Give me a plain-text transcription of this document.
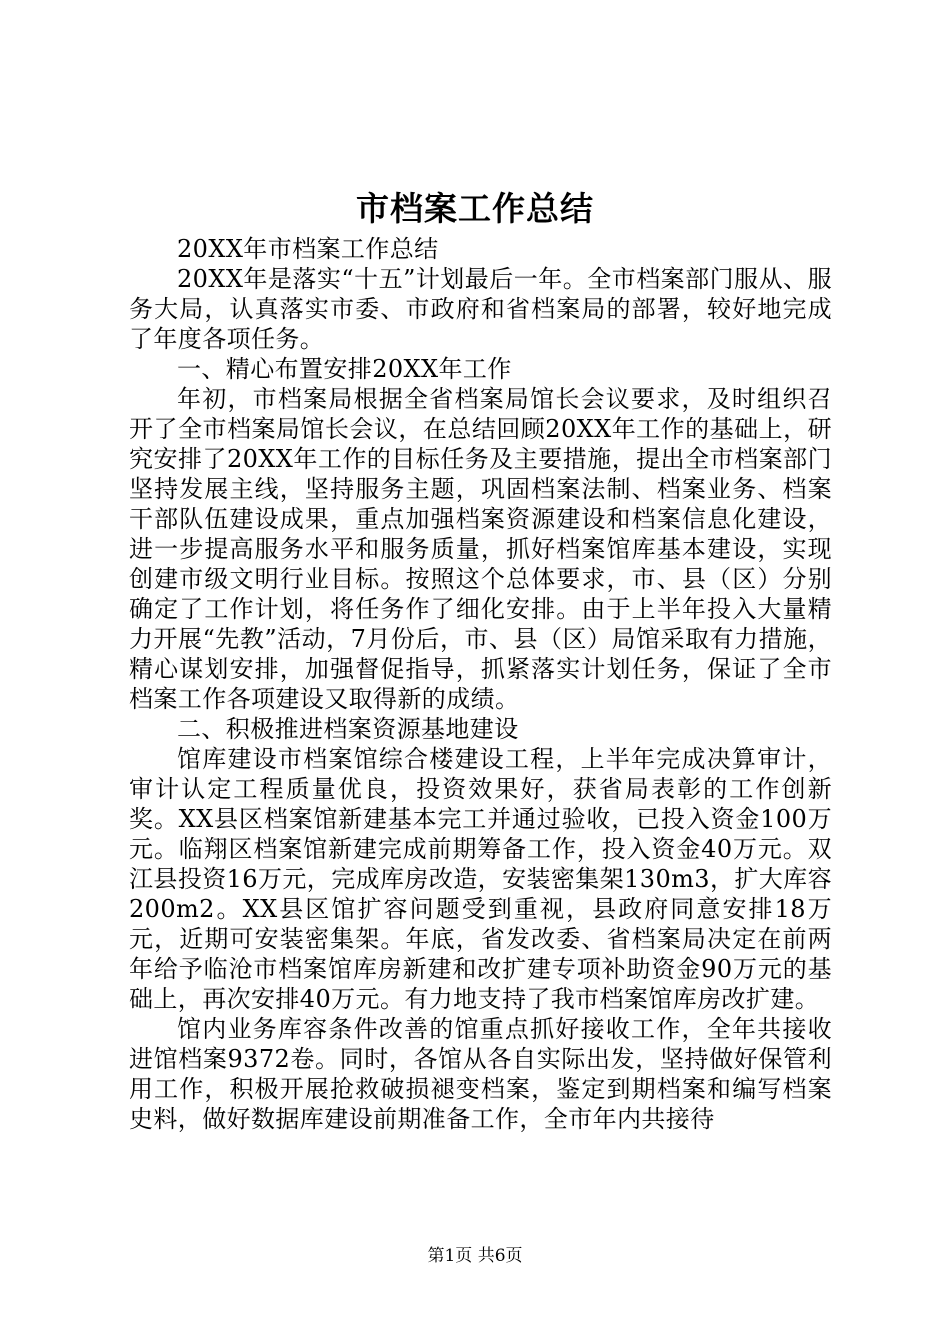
市档案工作总结

20XX年市档案工作总结

20XX年是落实“十五”计划最后一年。全市档案部门服从、服务大局，认真落实市委、市政府和省档案局的部署，较好地完成了年度各项任务。

一、精心布置安排20XX年工作

年初，市档案局根据全省档案局馆长会议要求，及时组织召开了全市档案局馆长会议，在总结回顾20XX年工作的基础上，研究安排了20XX年工作的目标任务及主要措施，提出全市档案部门坚持发展主线，坚持服务主题，巩固档案法制、档案业务、档案干部队伍建设成果，重点加强档案资源建设和档案信息化建设，进一步提高服务水平和服务质量，抓好档案馆库基本建设，实现创建市级文明行业目标。按照这个总体要求，市、县（区）分别确定了工作计划，将任务作了细化安排。由于上半年投入大量精力开展“先教”活动，7月份后，市、县（区）局馆采取有力措施，精心谋划安排，加强督促指导，抓紧落实计划任务，保证了全市档案工作各项建设又取得新的成绩。

二、积极推进档案资源基地建设

馆库建设市档案馆综合楼建设工程，上半年完成决算审计，审计认定工程质量优良，投资效果好，获省局表彰的工作创新奖。XX县区档案馆新建基本完工并通过验收，已投入资金100万元。临翔区档案馆新建完成前期筹备工作，投入资金40万元。双江县投资16万元，完成库房改造，安装密集架130m3，扩大库容200m2。XX县区馆扩容问题受到重视，县政府同意安排18万元，近期可安装密集架。年底，省发改委、省档案局决定在前两年给予临沧市档案馆库房新建和改扩建专项补助资金90万元的基础上，再次安排40万元。有力地支持了我市档案馆库房改扩建。

馆内业务库容条件改善的馆重点抓好接收工作，全年共接收进馆档案9372卷。同时，各馆从各自实际出发，坚持做好保管利用工作，积极开展抢救破损褪变档案，鉴定到期档案和编写档案史料，做好数据库建设前期准备工作，全市年内共接待

第1页 共6页
